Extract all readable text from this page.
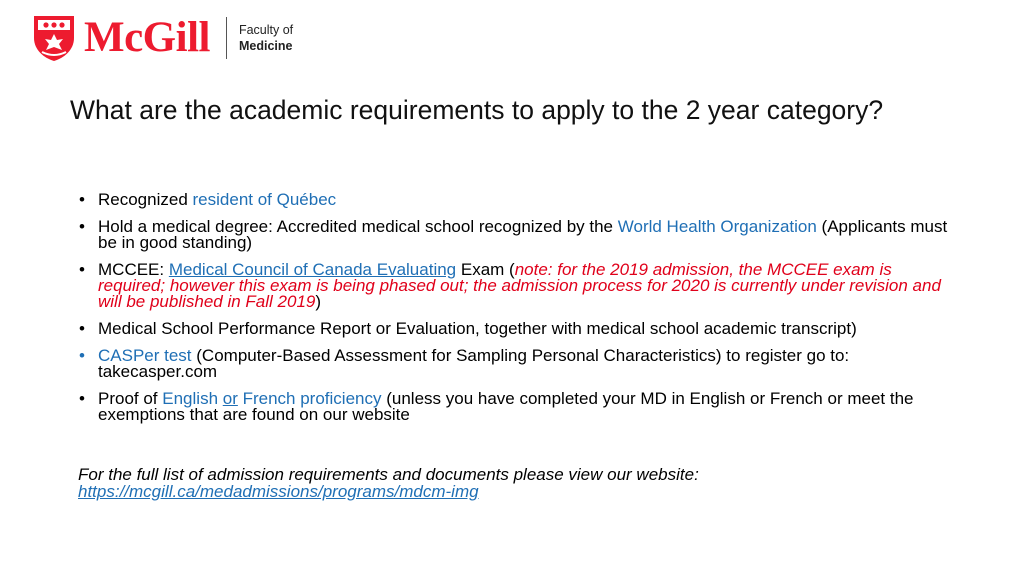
McGill Faculty of
Medicine
What are the academic requirements to apply to the 2 year category?
• Recognized resident of Québec
• Hold a medical degree: Accredited medical school recognized by the World Health Organization (Applicants must be in good standing)
• MCCEE: Medical Council of Canada Evaluating Exam (note: for the 2019 admission, the MCCEE exam is required; however this exam is being phased out; the admission process for 2020 is currently under revision and will be published in Fall 2019)
• Medical School Performance Report or Evaluation, together with medical school academic transcript)
• CASPer test (Computer-Based Assessment for Sampling Personal Characteristics) to register go to: takecasper.com
• Proof of English or French proficiency (unless you have completed your MD in English or French or meet the exemptions that are found on our website
For the full list of admission requirements and documents please view our website:
https://mcgill.ca/medadmissions/programs/mdcm-img
